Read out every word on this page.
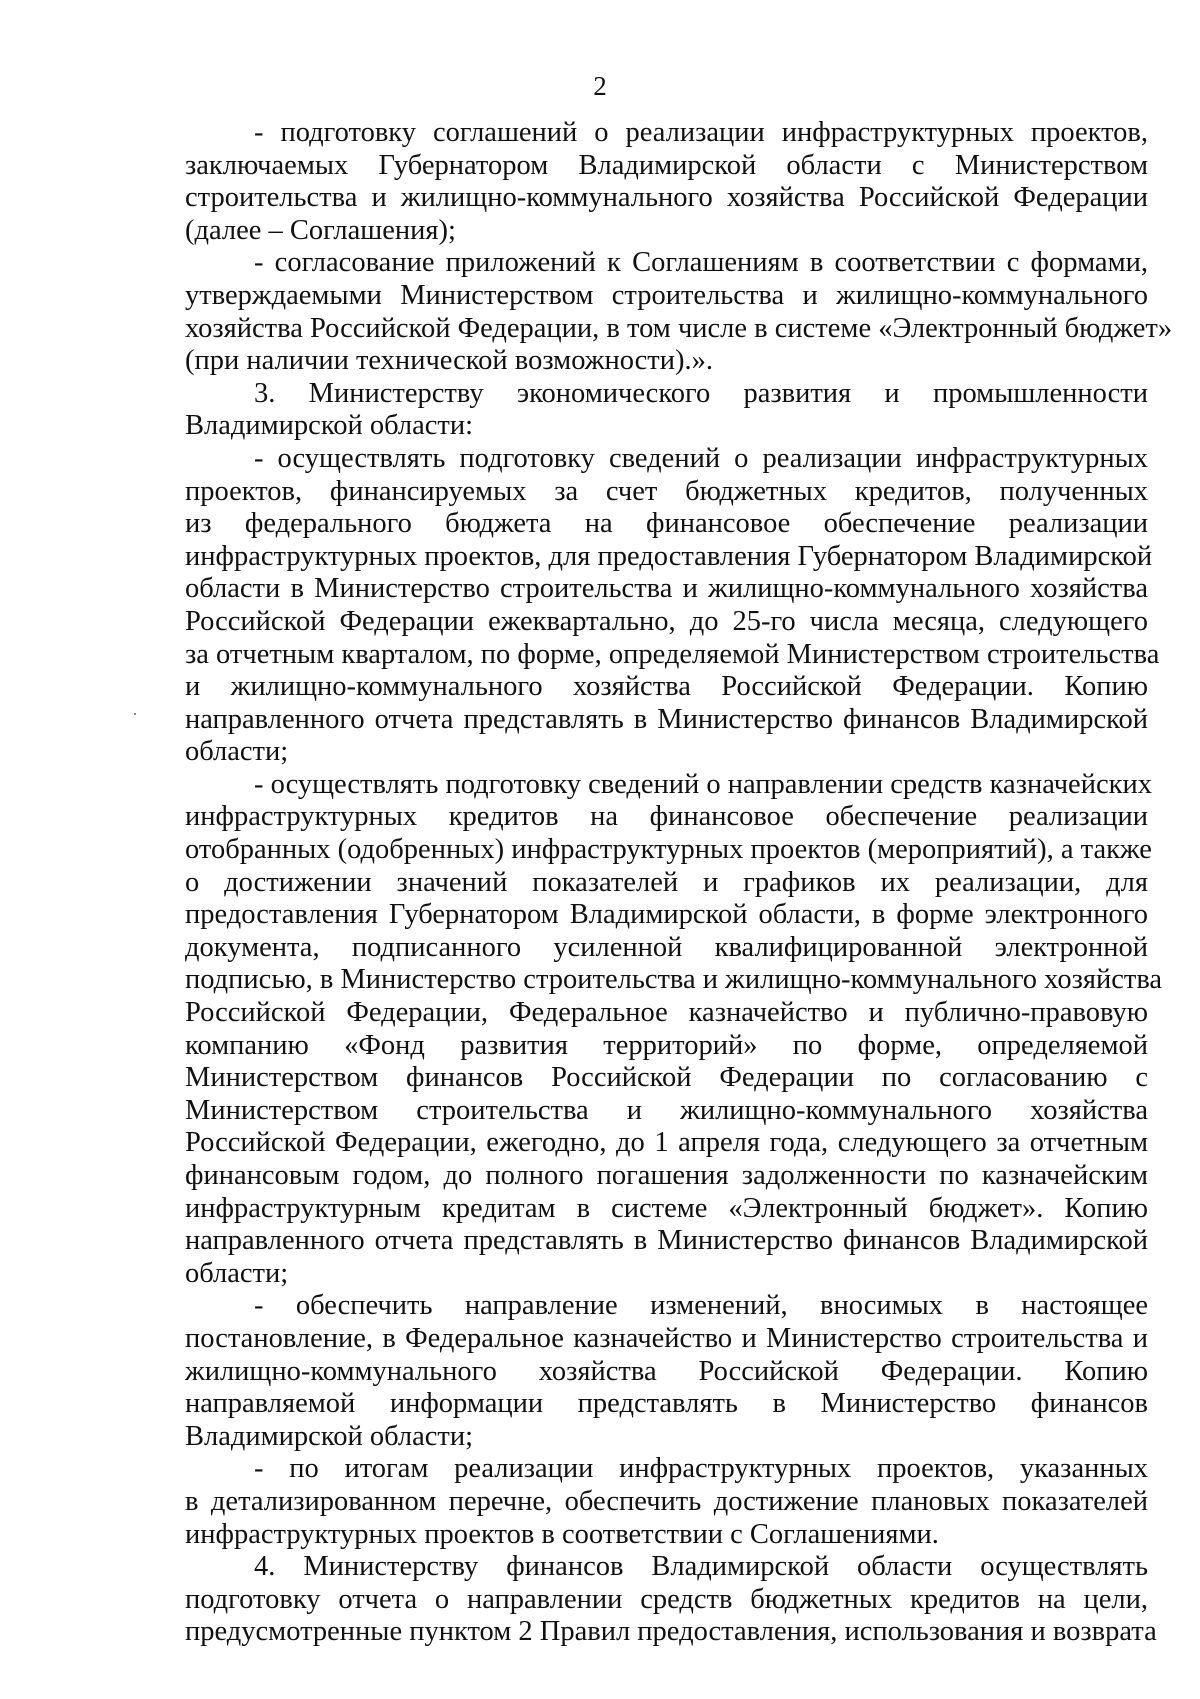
2
- подготовку соглашений о реализации инфраструктурных проектов,
заключаемых Губернатором Владимирской области с Министерством
строительства и жилищно-коммунального хозяйства Российской Федерации
(далее – Соглашения);
- согласование приложений к Соглашениям в соответствии с формами,
утверждаемыми Министерством строительства и жилищно-коммунального
хозяйства Российской Федерации, в том числе в системе «Электронный бюджет»
(при наличии технической возможности).».
3. Министерству экономического развития и промышленности
Владимирской области:
- осуществлять подготовку сведений о реализации инфраструктурных
проектов, финансируемых за счет бюджетных кредитов, полученных
из федерального бюджета на финансовое обеспечение реализации
инфраструктурных проектов, для предоставления Губернатором Владимирской
области в Министерство строительства и жилищно-коммунального хозяйства
Российской Федерации ежеквартально, до 25-го числа месяца, следующего
за отчетным кварталом, по форме, определяемой Министерством строительства
и жилищно-коммунального хозяйства Российской Федерации. Копию
направленного отчета представлять в Министерство финансов Владимирской
области;
- осуществлять подготовку сведений о направлении средств казначейских
инфраструктурных кредитов на финансовое обеспечение реализации
отобранных (одобренных) инфраструктурных проектов (мероприятий), а также
о достижении значений показателей и графиков их реализации, для
предоставления Губернатором Владимирской области, в форме электронного
документа, подписанного усиленной квалифицированной электронной
подписью, в Министерство строительства и жилищно-коммунального хозяйства
Российской Федерации, Федеральное казначейство и публично-правовую
компанию «Фонд развития территорий» по форме, определяемой
Министерством финансов Российской Федерации по согласованию с
Министерством строительства и жилищно-коммунального хозяйства
Российской Федерации, ежегодно, до 1 апреля года, следующего за отчетным
финансовым годом, до полного погашения задолженности по казначейским
инфраструктурным кредитам в системе «Электронный бюджет». Копию
направленного отчета представлять в Министерство финансов Владимирской
области;
- обеспечить направление изменений, вносимых в настоящее
постановление, в Федеральное казначейство и Министерство строительства и
жилищно-коммунального хозяйства Российской Федерации. Копию
направляемой информации представлять в Министерство финансов
Владимирской области;
- по итогам реализации инфраструктурных проектов, указанных
в детализированном перечне, обеспечить достижение плановых показателей
инфраструктурных проектов в соответствии с Соглашениями.
4. Министерству финансов Владимирской области осуществлять
подготовку отчета о направлении средств бюджетных кредитов на цели,
предусмотренные пунктом 2 Правил предоставления, использования и возврата
